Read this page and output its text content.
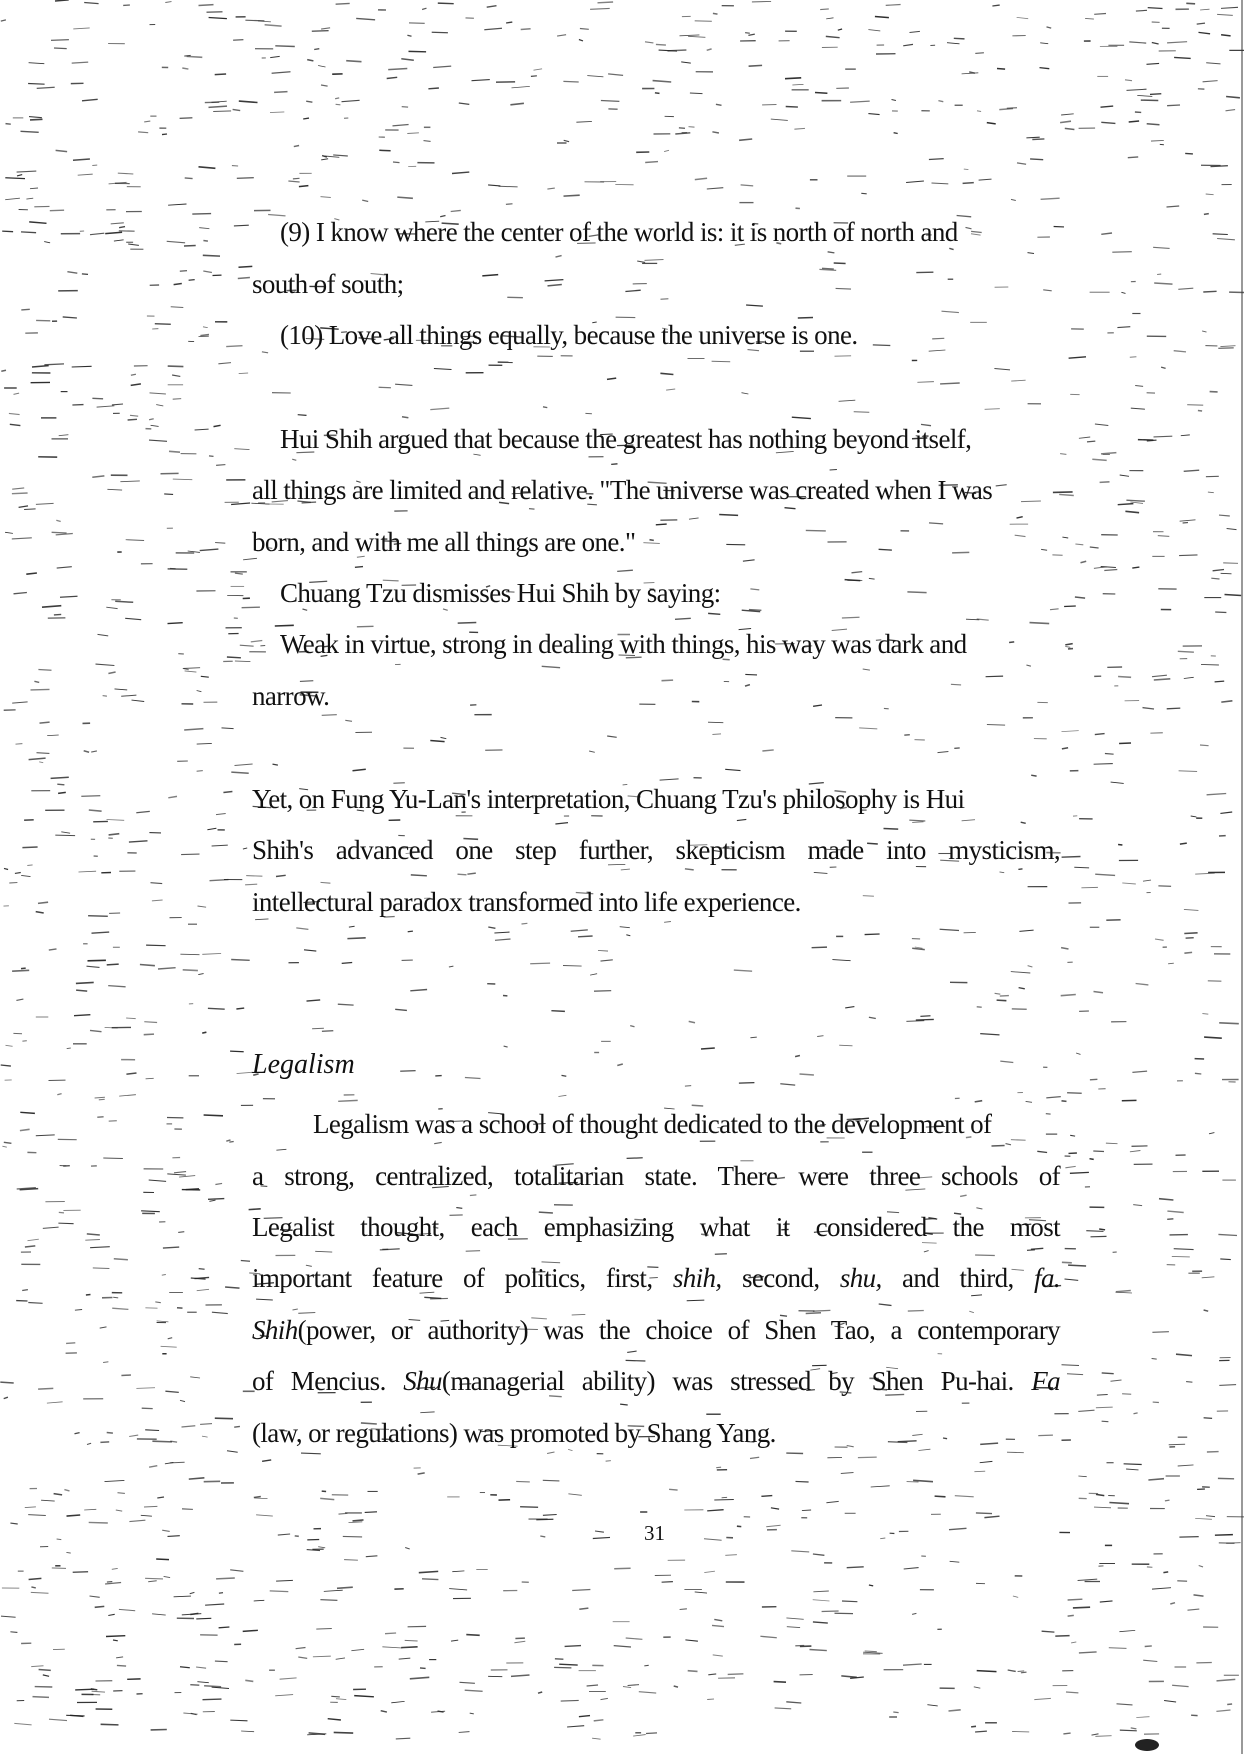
(9) I know where the center of the world is: it is north of north and
south of south;
(10) Love all things equally, because the universe is one.
Hui Shih argued that because the greatest has nothing beyond itself,
all things are limited and relative. "The universe was created when I was
born, and with me all things are one."
Chuang Tzu dismisses Hui Shih by saying:
Weak in virtue, strong in dealing with things, his way was dark and
narrow.
Yet, on Fung Yu-Lan's interpretation, Chuang Tzu's philosophy is Hui
Shih's advanced one step further, skepticism made into mysticism,
intellectural paradox transformed into life experience.
Legalism
Legalism was a school of thought dedicated to the development of
a strong, centralized, totalitarian state. There were three schools of
Legalist thought, each emphasizing what it considered the most
important feature of politics, first, shih, second, shu, and third, fa.
Shih(power, or authority) was the choice of Shen Tao, a contemporary
of Mencius. Shu(managerial ability) was stressed by Shen Pu-hai. Fa
(law, or regulations) was promoted by Shang Yang.
31
